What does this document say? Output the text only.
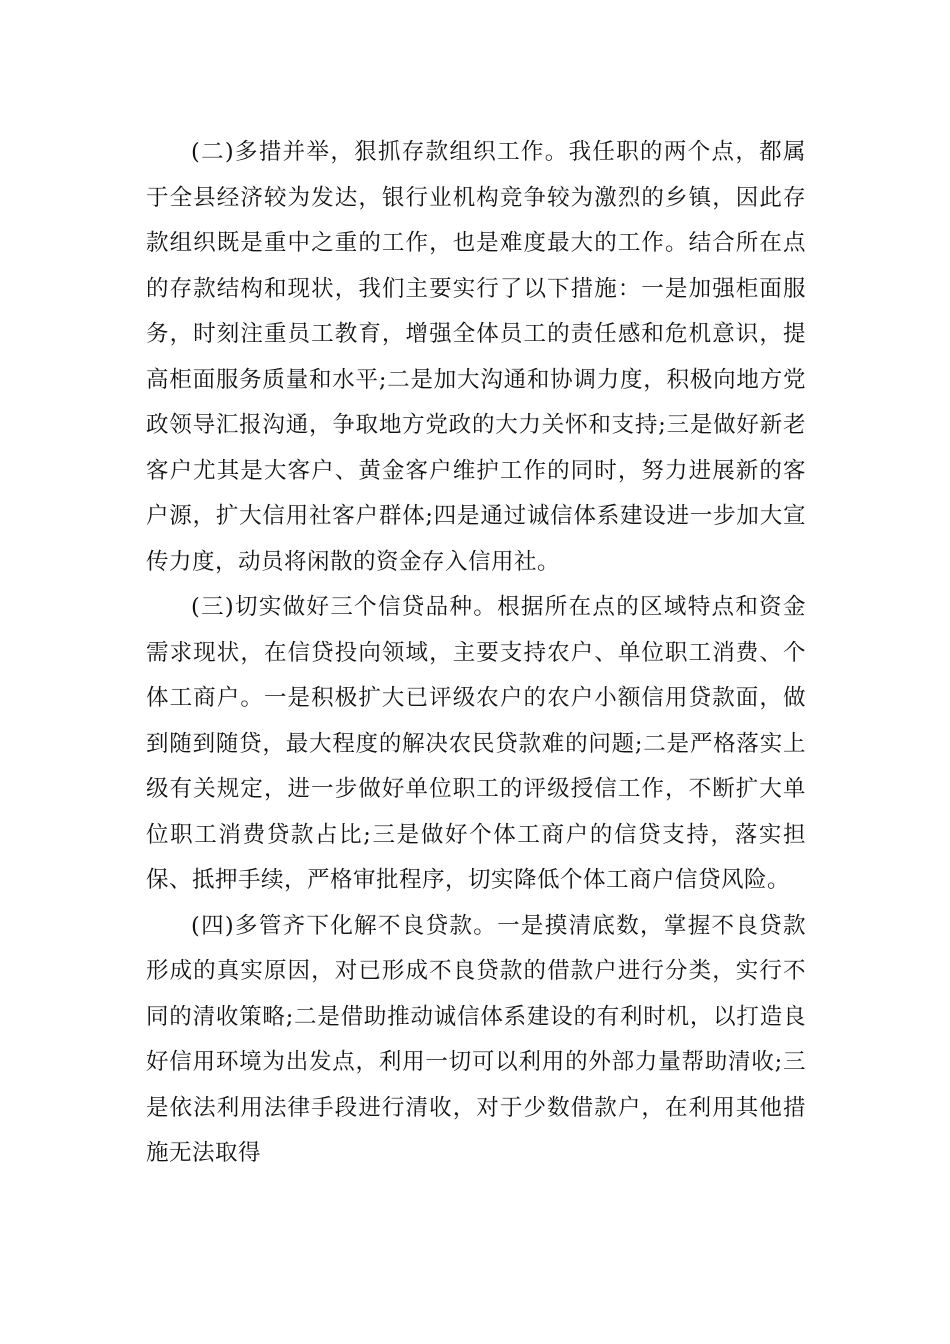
(二)多措并举，狠抓存款组织工作。我任职的两个点，都属于全县经济较为发达，银行业机构竞争较为激烈的乡镇，因此存款组织既是重中之重的工作，也是难度最大的工作。结合所在点的存款结构和现状，我们主要实行了以下措施：一是加强柜面服务，时刻注重员工教育，增强全体员工的责任感和危机意识，提高柜面服务质量和水平;二是加大沟通和协调力度，积极向地方党政领导汇报沟通，争取地方党政的大力关怀和支持;三是做好新老客户尤其是大客户、黄金客户维护工作的同时，努力进展新的客户源，扩大信用社客户群体;四是通过诚信体系建设进一步加大宣传力度，动员将闲散的资金存入信用社。

(三)切实做好三个信贷品种。根据所在点的区域特点和资金需求现状，在信贷投向领域，主要支持农户、单位职工消费、个体工商户。一是积极扩大已评级农户的农户小额信用贷款面，做到随到随贷，最大程度的解决农民贷款难的问题;二是严格落实上级有关规定，进一步做好单位职工的评级授信工作，不断扩大单位职工消费贷款占比;三是做好个体工商户的信贷支持，落实担保、抵押手续，严格审批程序，切实降低个体工商户信贷风险。

(四)多管齐下化解不良贷款。一是摸清底数，掌握不良贷款形成的真实原因，对已形成不良贷款的借款户进行分类，实行不同的清收策略;二是借助推动诚信体系建设的有利时机，以打造良好信用环境为出发点，利用一切可以利用的外部力量帮助清收;三是依法利用法律手段进行清收，对于少数借款户，在利用其他措施无法取得
